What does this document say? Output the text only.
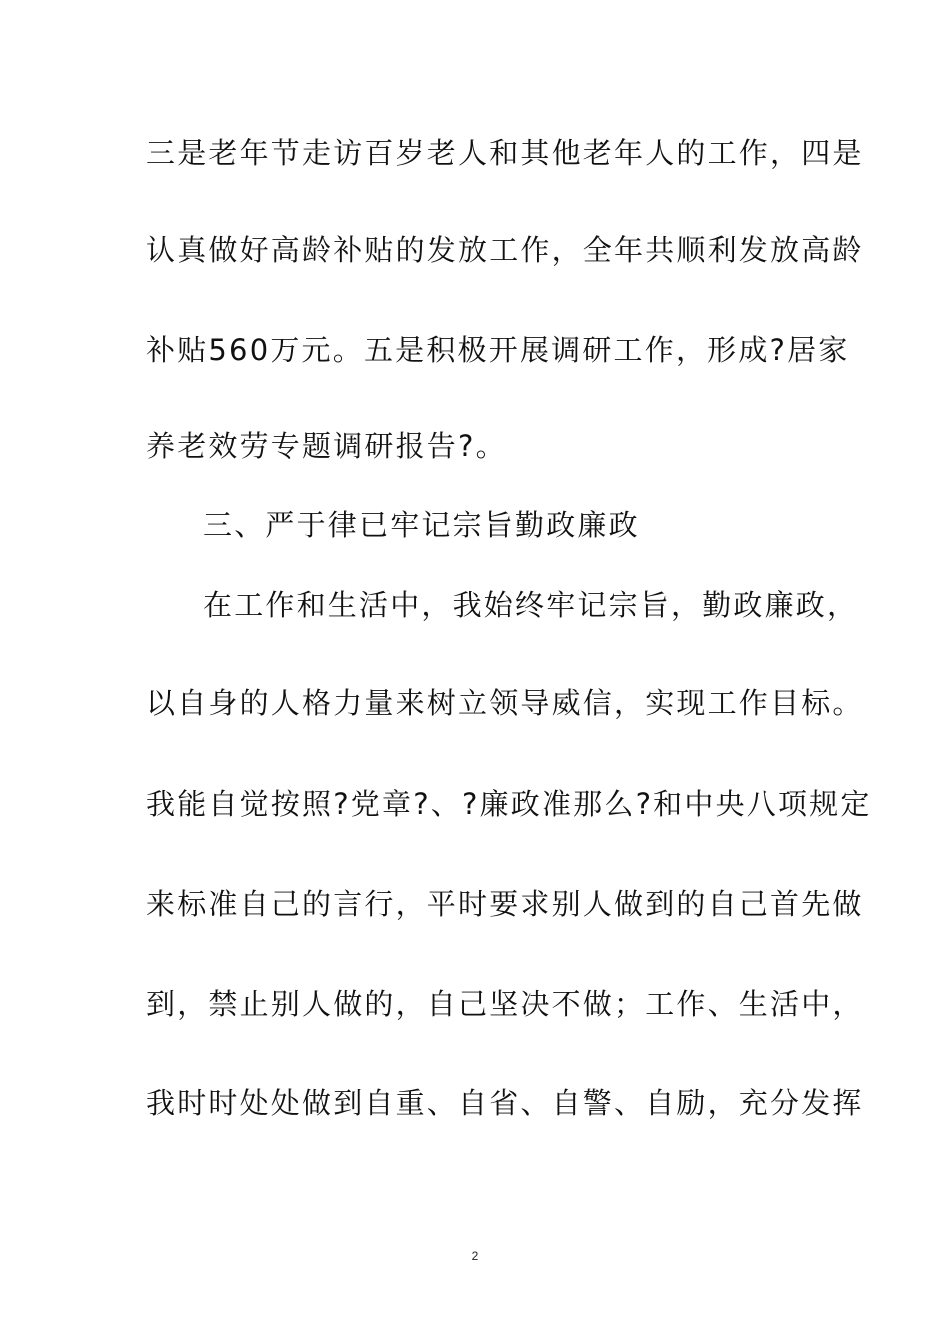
三是老年节走访百岁老人和其他老年人的工作，四是
认真做好高龄补贴的发放工作，全年共顺利发放高龄
补贴560万元。五是积极开展调研工作，形成?居家
养老效劳专题调研报告?。
三、严于律已牢记宗旨勤政廉政
在工作和生活中，我始终牢记宗旨，勤政廉政，
以自身的人格力量来树立领导威信，实现工作目标。
我能自觉按照?党章?、?廉政准那么?和中央八项规定
来标准自己的言行，平时要求别人做到的自己首先做
到，禁止别人做的，自己坚决不做；工作、生活中，
我时时处处做到自重、自省、自警、自励，充分发挥
2
